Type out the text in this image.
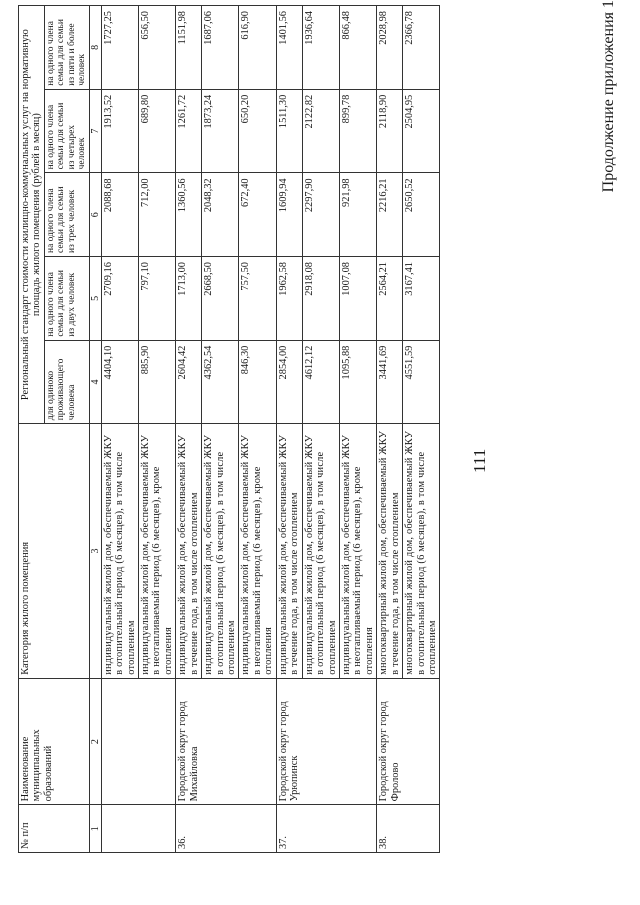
111
Продолжение приложения 1
№ п/п	Наименование муниципальных образований	Категория жилого помещения	Региональный стандарт стоимости жилищно-коммунальных услуг на нормативную площадь жилого помещения (рублей в месяц)				
			для одиноко проживающего человека	на одного члена семьи для семьи из двух человек	на одного члена семьи для семьи из трех человек	на одного члена семьи для семьи из четырех человек	на одного члена семьи для семьи из пяти и более человек
1	2	3	4	5	6	7	8
		индивидуальный жилой дом, обеспечиваемый ЖКУ в отопительный период (6 месяцев), в том числе отоплением	4404,10	2709,16	2088,68	1913,52	1727,25
		индивидуальный жилой дом, обеспечиваемый ЖКУ в неотапливаемый период (6 месяцев), кроме отопления	885,90	797,10	712,00	689,80	656,50
36.	Городской округ город Михайловка	индивидуальный жилой дом, обеспечиваемый ЖКУ в течение года, в том числе отоплением	2604,42	1713,00	1360,56	1261,72	1151,98
		индивидуальный жилой дом, обеспечиваемый ЖКУ в отопительный период (6 месяцев), в том числе отоплением	4362,54	2668,50	2048,32	1873,24	1687,06
		индивидуальный жилой дом, обеспечиваемый ЖКУ в неотапливаемый период (6 месяцев), кроме отопления	846,30	757,50	672,40	650,20	616,90
37.	Городской округ город Урюпинск	индивидуальный жилой дом, обеспечиваемый ЖКУ в течение года, в том числе отоплением	2854,00	1962,58	1609,94	1511,30	1401,56
		индивидуальный жилой дом, обеспечиваемый ЖКУ в отопительный период (6 месяцев), в том числе отоплением	4612,12	2918,08	2297,90	2122,82	1936,64
		индивидуальный жилой дом, обеспечиваемый ЖКУ в неотапливаемый период (6 месяцев), кроме отопления	1095,88	1007,08	921,98	899,78	866,48
38.	Городской округ город Фролово	многоквартирный жилой дом, обеспечиваемый ЖКУ в течение года, в том числе отоплением	3441,69	2564,21	2216,21	2118,90	2028,98
		многоквартирный жилой дом, обеспечиваемый ЖКУ в отопительный период (6 месяцев), в том числе отоплением	4551,59	3167,41	2650,52	2504,95	2366,78
